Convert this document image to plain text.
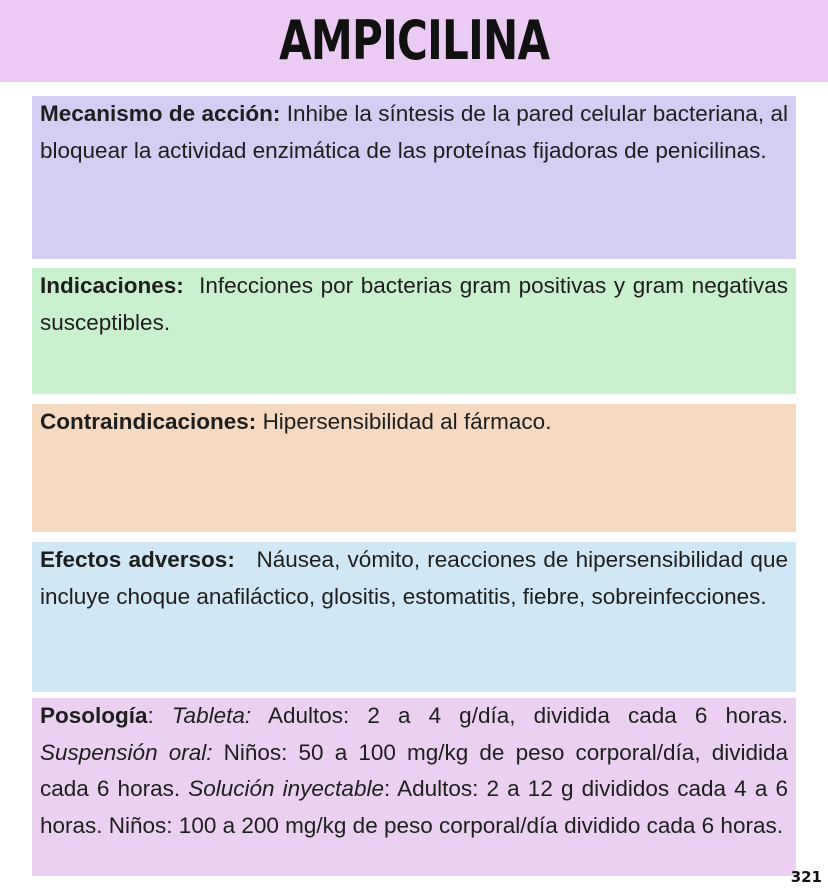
AMPICILINA
Mecanismo de acción: Inhibe la síntesis de la pared celular bacteriana, al bloquear la actividad enzimática de las proteínas fijadoras de penicilinas.
Indicaciones: Infecciones por bacterias gram positivas y gram negativas susceptibles.
Contraindicaciones: Hipersensibilidad al fármaco.
Efectos adversos: Náusea, vómito, reacciones de hipersensibilidad que incluye choque anafiláctico, glositis, estomatitis, fiebre, sobreinfecciones.
Posología: Tableta: Adultos: 2 a 4 g/día, dividida cada 6 horas. Suspensión oral: Niños: 50 a 100 mg/kg de peso corporal/día, dividida cada 6 horas. Solución inyectable: Adultos: 2 a 12 g divididos cada 4 a 6 horas. Niños: 100 a 200 mg/kg de peso corporal/día dividido cada 6 horas.
321
